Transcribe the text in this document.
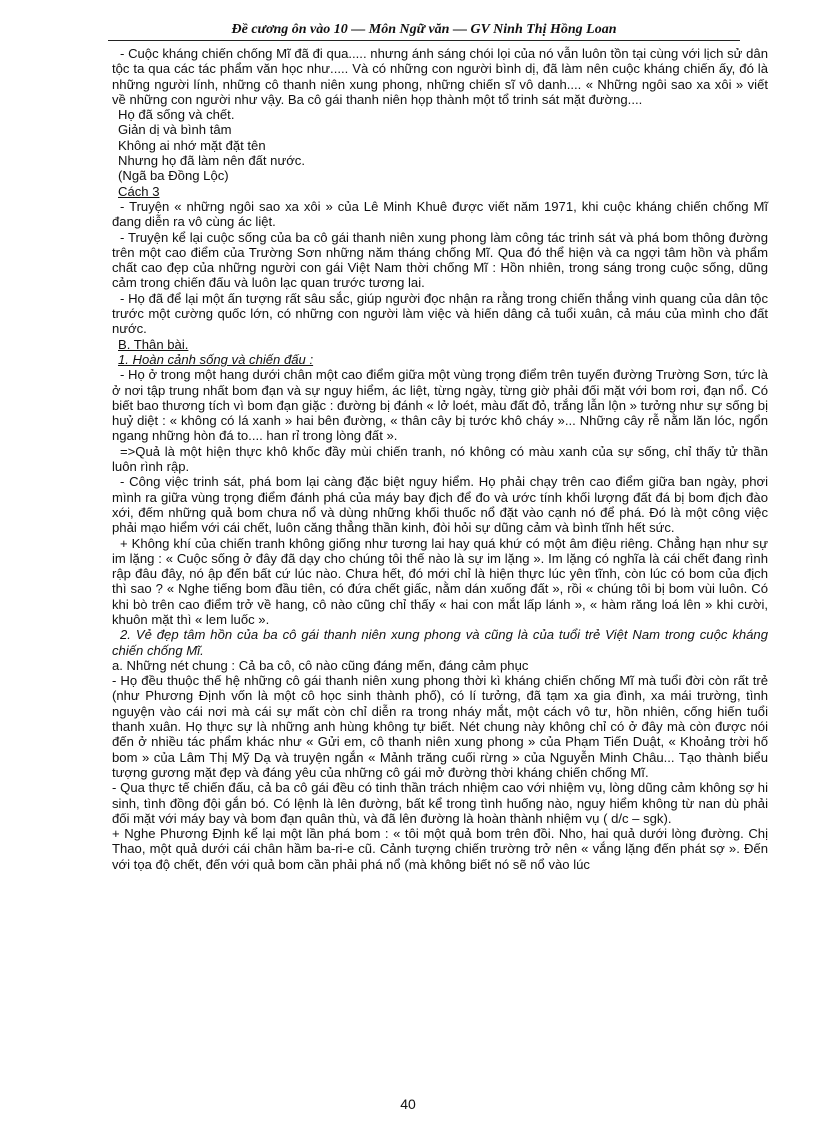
Đề cương ôn vào 10 — Môn Ngữ văn — GV Ninh Thị Hồng Loan

- Cuộc kháng chiến chống Mĩ đã đi qua..... nhưng ánh sáng chói lọi của nó vẫn luôn tồn tại cùng với lịch sử dân tộc ta qua các tác phẩm văn học như..... Và có những con người bình dị, đã làm nên cuộc kháng chiến ấy, đó là những người lính, những cô thanh niên xung phong, những chiến sĩ vô danh.... « Những ngôi sao xa xôi » viết về những con người như vậy. Ba cô gái thanh niên họp thành một tổ trinh sát mặt đường....

Họ đã sống và chết.

Giản dị và bình tâm

Không ai nhớ mặt đặt tên

Nhưng họ đã làm nên đất nước.

(Ngã ba Đồng Lộc)

Cách 3

- Truyện « những ngôi sao xa xôi » của Lê Minh Khuê được viết năm 1971, khi cuộc kháng chiến chống Mĩ đang diễn ra vô cùng ác liệt.

- Truyện kể lại cuộc sống của ba cô gái thanh niên xung phong làm công tác trinh sát và phá bom thông đường trên một cao điểm của Trường Sơn những năm tháng chống Mĩ. Qua đó thể hiện và ca ngợi tâm hồn và phẩm chất cao đẹp của những người con gái Việt Nam thời chống Mĩ : Hồn nhiên, trong sáng trong cuộc sống, dũng cảm trong chiến đấu và luôn lạc quan trước tương lai.

- Họ đã để lại một ấn tượng rất sâu sắc, giúp người đọc nhận ra rằng trong chiến thắng vinh quang của dân tộc trước một cường quốc lớn, có những con người làm việc và hiến dâng cả tuổi xuân, cả máu của mình cho đất nước.

B. Thân bài.

1. Hoàn cảnh sống và chiến đấu :

- Họ ở trong một hang dưới chân một cao điểm giữa một vùng trọng điểm trên tuyến đường Trường Sơn, tức là ở nơi tập trung nhất bom đạn và sự nguy hiểm, ác liệt, từng ngày, từng giờ phải đối mặt với bom rơi, đạn nổ. Có biết bao thương tích vì bom đạn giặc : đường bị đánh « lở loét, màu đất đỏ, trắng lẫn lộn » tưởng như sự sống bị huỷ diệt : « không có lá xanh » hai bên đường, « thân cây bị tước khô cháy »... Những cây rễ nằm lăn lóc, ngổn ngang những hòn đá to.... han rỉ trong lòng đất ».

=>Quả là một hiện thực khô khốc đầy mùi chiến tranh, nó không có màu xanh của sự sống, chỉ thấy tử thần luôn rình rập.

- Công việc trinh sát, phá bom lại càng đặc biệt nguy hiểm. Họ phải chạy trên cao điểm giữa ban ngày, phơi mình ra giữa vùng trọng điểm đánh phá của máy bay địch để đo và ước tính khối lượng đất đá bị bom địch đào xới, đếm những quả bom chưa nổ và dùng những khối thuốc nổ đặt vào cạnh nó để phá. Đó là một công việc phải mạo hiểm với cái chết, luôn căng thẳng thần kinh, đòi hỏi sự dũng cảm và bình tĩnh hết sức.

+ Không khí của chiến tranh không giống như tương lai hay quá khứ có một âm điệu riêng. Chẳng hạn như sự im lặng : « Cuộc sống ở đây đã dạy cho chúng tôi thế nào là sự im lặng ». Im lặng có nghĩa là cái chết đang rình rập đâu đây, nó ập đến bất cứ lúc nào. Chưa hết, đó mới chỉ là hiện thực lúc yên tĩnh, còn lúc có bom của địch thì sao ? « Nghe tiếng bom đầu tiên, có đứa chết giấc, nằm dán xuống đất », rồi « chúng tôi bị bom vùi luôn. Có khi bò trên cao điểm trở về hang, cô nào cũng chỉ thấy « hai con mắt lấp lánh », « hàm răng loá lên » khi cười, khuôn mặt thì « lem luốc ».

2. Vẻ đẹp tâm hồn của ba cô gái thanh niên xung phong và cũng là của tuổi trẻ Việt Nam trong cuộc kháng chiến chống Mĩ.

a. Những nét chung : Cả ba cô, cô nào cũng đáng mến, đáng cảm phục

- Họ đều thuộc thế hệ những cô gái thanh niên xung phong thời kì kháng chiến chống Mĩ mà tuổi đời còn rất trẻ (như Phương Định vốn là một cô học sinh thành phố), có lí tưởng, đã tạm xa gia đình, xa mái trường, tình nguyện vào cái nơi mà cái sự mất còn chỉ diễn ra trong nháy mắt, một cách vô tư, hồn nhiên, cống hiến tuổi thanh xuân. Họ thực sự là những anh hùng không tự biết. Nét chung này không chỉ có ở đây mà còn được nói đến ở nhiều tác phẩm khác như « Gửi em, cô thanh niên xung phong » của Phạm Tiến Duật, « Khoảng trời hố bom » của Lâm Thị Mỹ Dạ và truyện ngắn « Mảnh trăng cuối rừng » của Nguyễn Minh Châu... Tạo thành biểu tượng gương mặt đẹp và đáng yêu của những cô gái mở đường thời kháng chiến chống Mĩ.

- Qua thực tế chiến đấu, cả ba cô gái đều có tinh thần trách nhiệm cao với nhiệm vụ, lòng dũng cảm không sợ hi sinh, tình đồng đội gắn bó. Có lệnh là lên đường, bất kể trong tình huống nào, nguy hiểm không từ nan dù phải đối mặt với máy bay và bom đạn quân thù, và đã lên đường là hoàn thành nhiệm vụ ( d/c – sgk).

+ Nghe Phương Định kể lại một lần phá bom : « tôi một quả bom trên đồi. Nho, hai quả dưới lòng đường. Chị Thao, một quả dưới cái chân hầm ba-ri-e cũ. Cảnh tượng chiến trường trở nên « vắng lặng đến phát sợ ». Đến với tọa độ chết, đến với quả bom cần phải phá nổ (mà không biết nó sẽ nổ vào lúc

40
